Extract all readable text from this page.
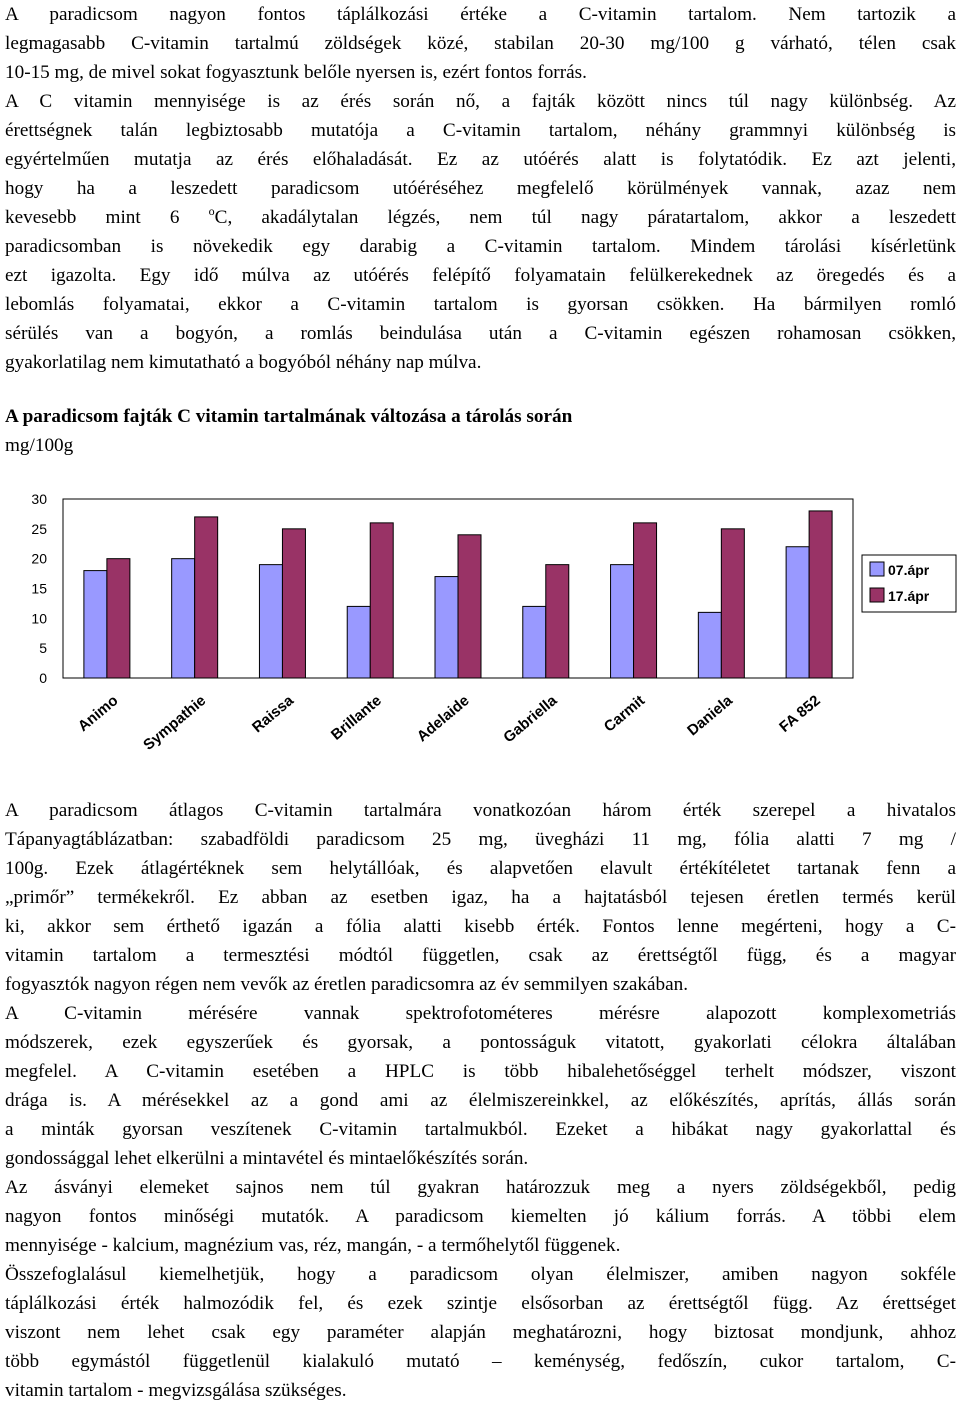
A paradicsom nagyon fontos táplálkozási értéke a C-vitamin tartalom. Nem tartozik a
legmagasabb C-vitamin tartalmú zöldségek közé, stabilan 20-30 mg/100 g várható, télen csak
10-15 mg, de mivel sokat fogyasztunk belőle nyersen is, ezért fontos forrás.
A C vitamin mennyisége is az érés során nő, a fajták között nincs túl nagy különbség. Az
érettségnek talán legbiztosabb mutatója a C-vitamin tartalom, néhány grammnyi különbség is
egyértelműen mutatja az érés előhaladását. Ez az utóérés alatt is folytatódik. Ez azt jelenti,
hogy ha a leszedett paradicsom utóéréséhez megfelelő körülmények vannak, azaz nem
kevesebb mint 6 $^o$C, akadálytalan légzés, nem túl nagy páratartalom, akkor a leszedett
paradicsomban is növekedik egy darabig a C-vitamin tartalom. Mindem tárolási kísérletünk
ezt igazolta. Egy idő múlva az utóérés felépítő folyamatain felülkerekednek az öregedés és a
lebomlás folyamatai, ekkor a C-vitamin tartalom is gyorsan csökken. Ha bármilyen romló
sérülés van a bogyón, a romlás beindulása után a C-vitamin egészen rohamosan csökken,
gyakorlatilag nem kimutatható a bogyóból néhány nap múlva.
A paradicsom fajták C vitamin tartalmának változása a tárolás során
mg/100g
0
5
10
15
20
25
30
Animo Sympathie	Raissa Brillante Adelaide Gabriella	Carmit Daniela	FA 852
07.ápr
17.ápr
A paradicsom átlagos C-vitamin tartalmára vonatkozóan három érték szerepel a hivatalos
Tápanyagtáblázatban: szabadföldi paradicsom 25 mg, üvegházi 11 mg, fólia alatti 7 mg /
100g. Ezek átlagértéknek sem helytállóak, és alapvetően elavult értékítéletet tartanak fenn a
„primőr” termékekről. Ez abban az esetben igaz, ha a hajtatásból tejesen éretlen termés kerül
ki, akkor sem érthető igazán a fólia alatti kisebb érték. Fontos lenne megérteni, hogy a C-
vitamin tartalom a termesztési módtól független, csak az érettségtől függ, és a magyar
fogyasztók nagyon régen nem vevők az éretlen paradicsomra az év semmilyen szakában.
A C-vitamin mérésére vannak spektrofotométeres mérésre alapozott komplexometriás
módszerek, ezek egyszerűek és gyorsak, a pontosságuk vitatott, gyakorlati célokra általában
megfelel. A C-vitamin esetében a HPLC is több hibalehetőséggel terhelt módszer, viszont
drága is. A mérésekkel az a gond ami az élelmiszereinkkel, az előkészítés, aprítás, állás során
a minták gyorsan veszítenek C-vitamin tartalmukból. Ezeket a hibákat nagy gyakorlattal és
gondossággal lehet elkerülni a mintavétel és mintaelőkészítés során.
Az ásványi elemeket sajnos nem túl gyakran határozzuk meg a nyers zöldségekből, pedig
nagyon fontos minőségi mutatók. A paradicsom kiemelten jó kálium forrás. A többi elem
mennyisége - kalcium, magnézium vas, réz, mangán, - a termőhelytől függenek.
Összefoglalásul kiemelhetjük, hogy a paradicsom olyan élelmiszer, amiben nagyon sokféle
táplálkozási érték halmozódik fel, és ezek szintje elsősorban az érettségtől függ. Az érettséget
viszont nem lehet csak egy paraméter alapján meghatározni, hogy biztosat mondjunk, ahhoz
több egymástól függetlenül kialakuló mutató – keménység, fedőszín, cukor tartalom, C-
vitamin tartalom - megvizsgálása szükséges.
